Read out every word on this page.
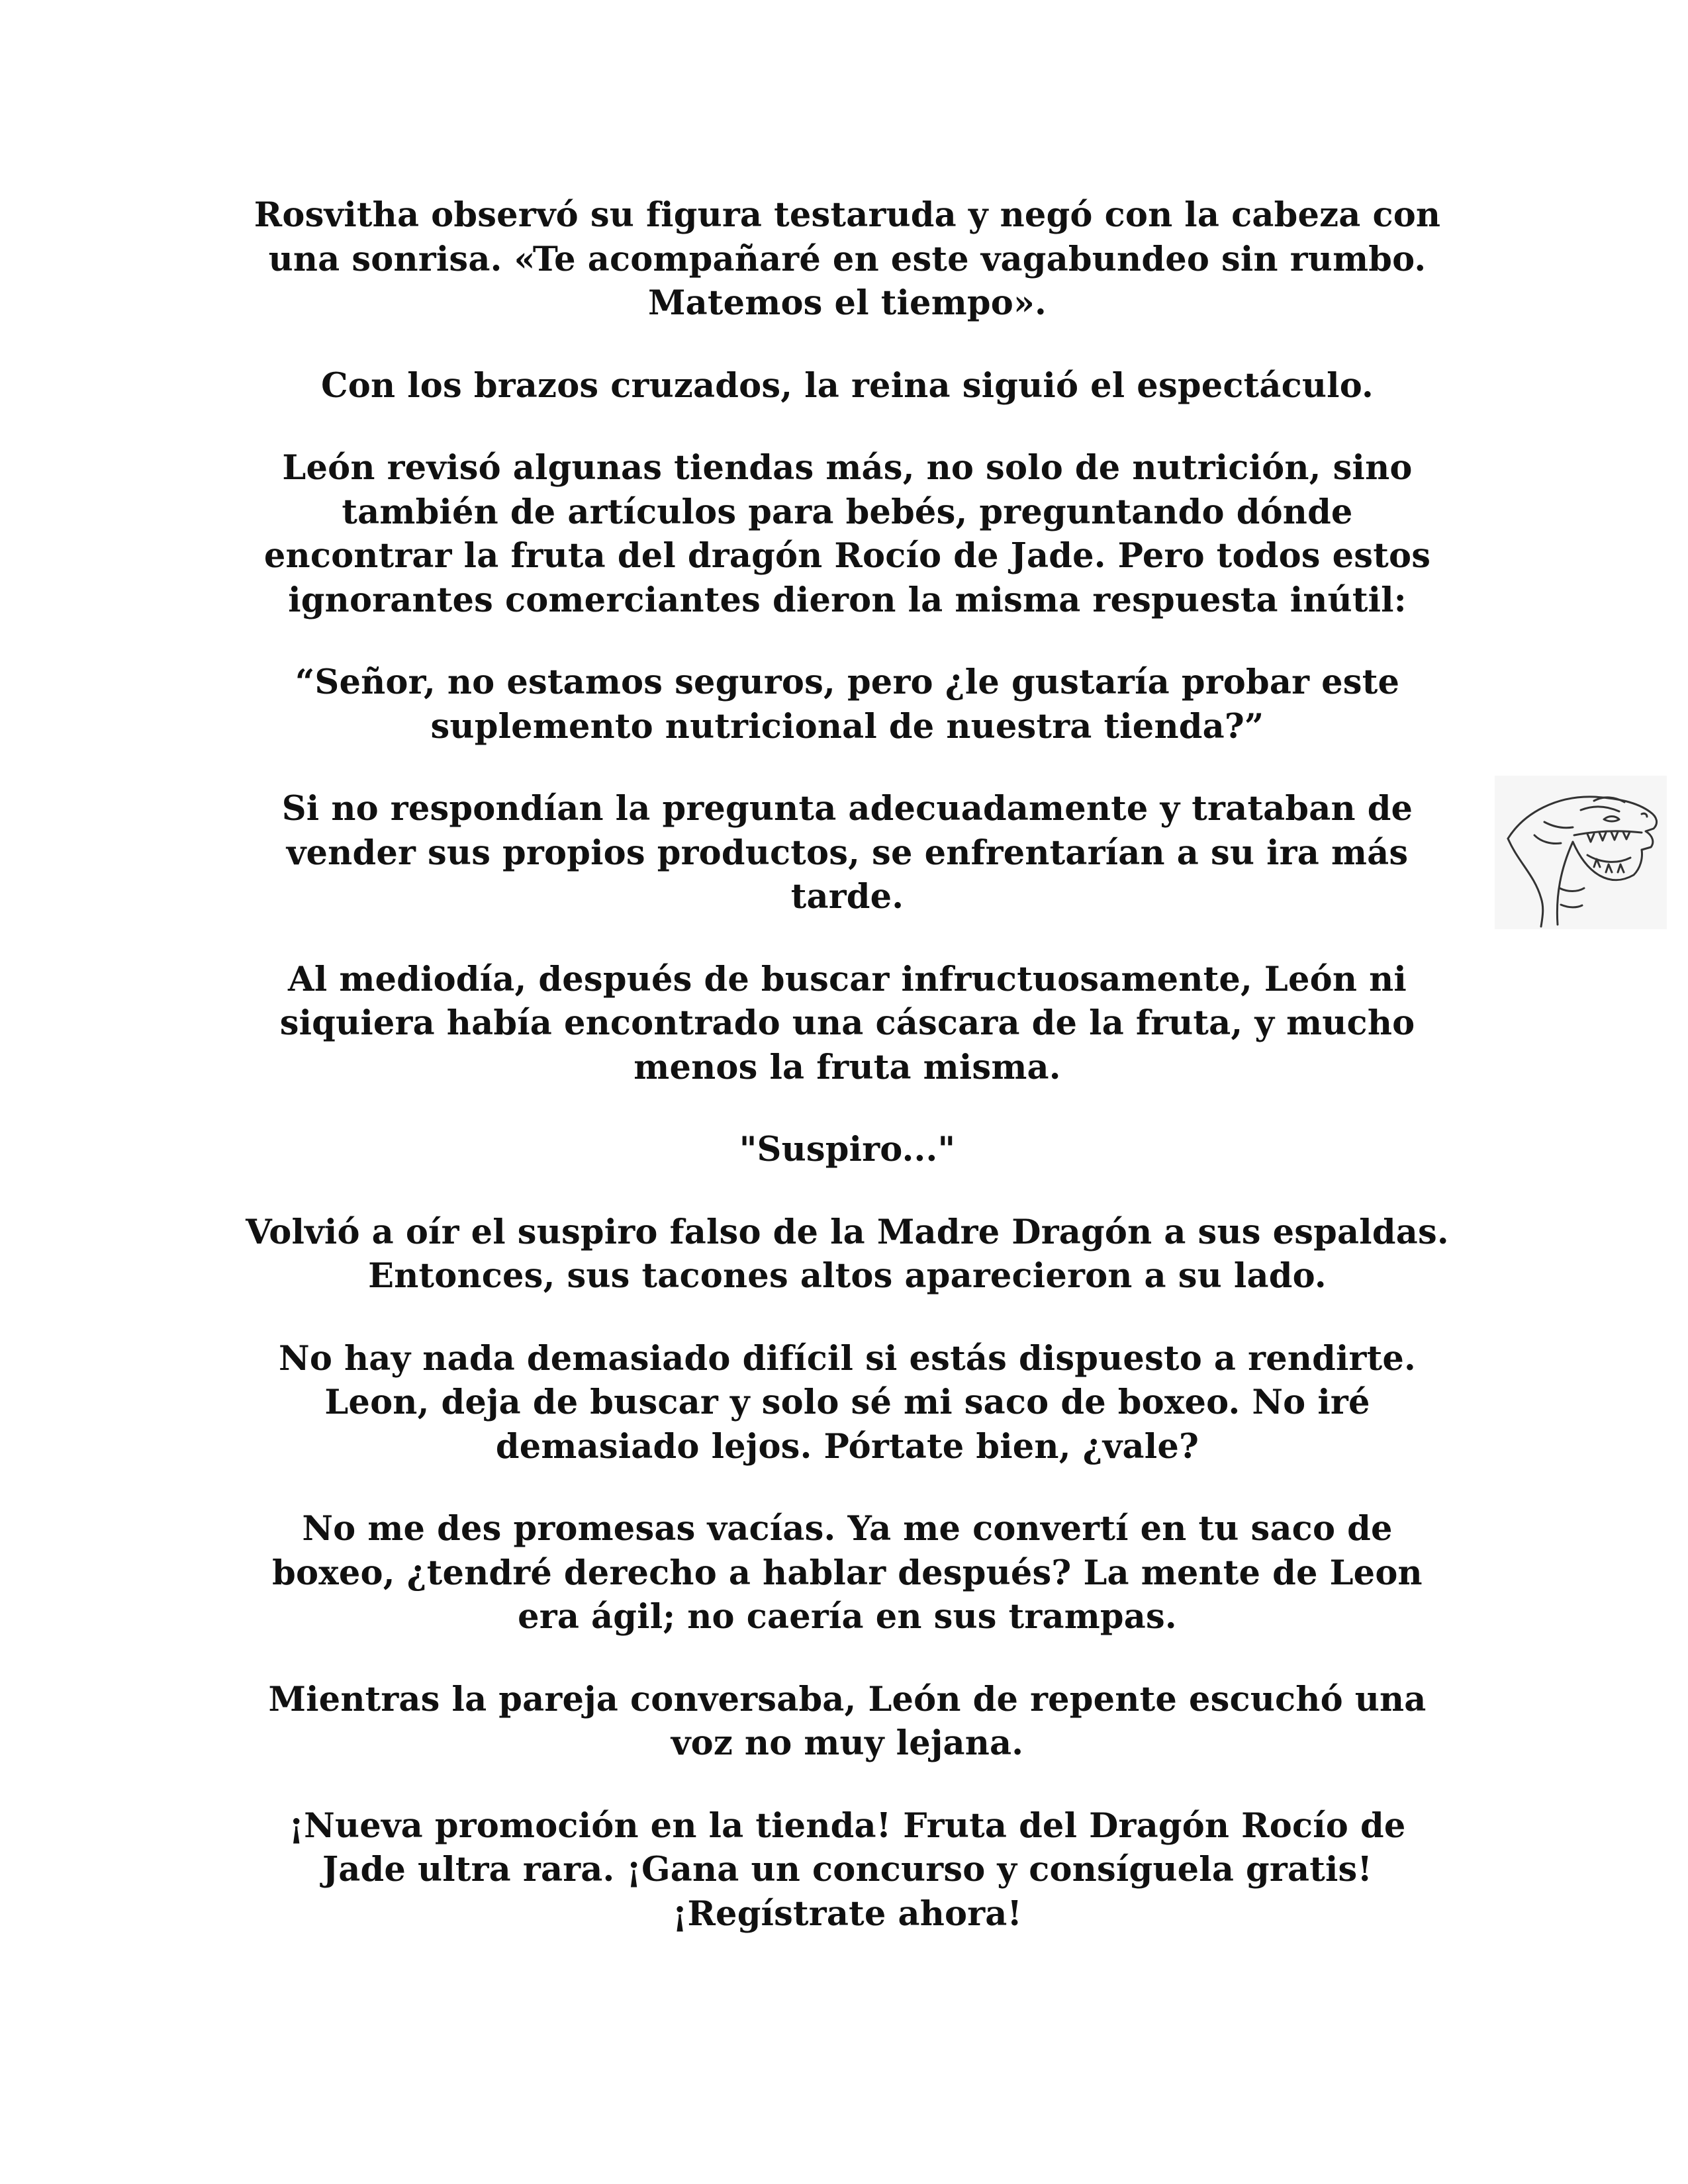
Rosvitha observó su figura testaruda y negó con la cabeza con
una sonrisa. «Te acompañaré en este vagabundeo sin rumbo.
Matemos el tiempo».

Con los brazos cruzados, la reina siguió el espectáculo.

León revisó algunas tiendas más, no solo de nutrición, sino
también de artículos para bebés, preguntando dónde
encontrar la fruta del dragón Rocío de Jade. Pero todos estos
ignorantes comerciantes dieron la misma respuesta inútil:

“Señor, no estamos seguros, pero ¿le gustaría probar este
suplemento nutricional de nuestra tienda?”

Si no respondían la pregunta adecuadamente y trataban de
vender sus propios productos, se enfrentarían a su ira más
tarde.

Al mediodía, después de buscar infructuosamente, León ni
siquiera había encontrado una cáscara de la fruta, y mucho
menos la fruta misma.

"Suspiro..."

Volvió a oír el suspiro falso de la Madre Dragón a sus espaldas.
Entonces, sus tacones altos aparecieron a su lado.

No hay nada demasiado difícil si estás dispuesto a rendirte.
Leon, deja de buscar y solo sé mi saco de boxeo. No iré
demasiado lejos. Pórtate bien, ¿vale?

No me des promesas vacías. Ya me convertí en tu saco de
boxeo, ¿tendré derecho a hablar después? La mente de Leon
era ágil; no caería en sus trampas.

Mientras la pareja conversaba, León de repente escuchó una
voz no muy lejana.

¡Nueva promoción en la tienda! Fruta del Dragón Rocío de
Jade ultra rara. ¡Gana un concurso y consíguela gratis!
¡Regístrate ahora!
